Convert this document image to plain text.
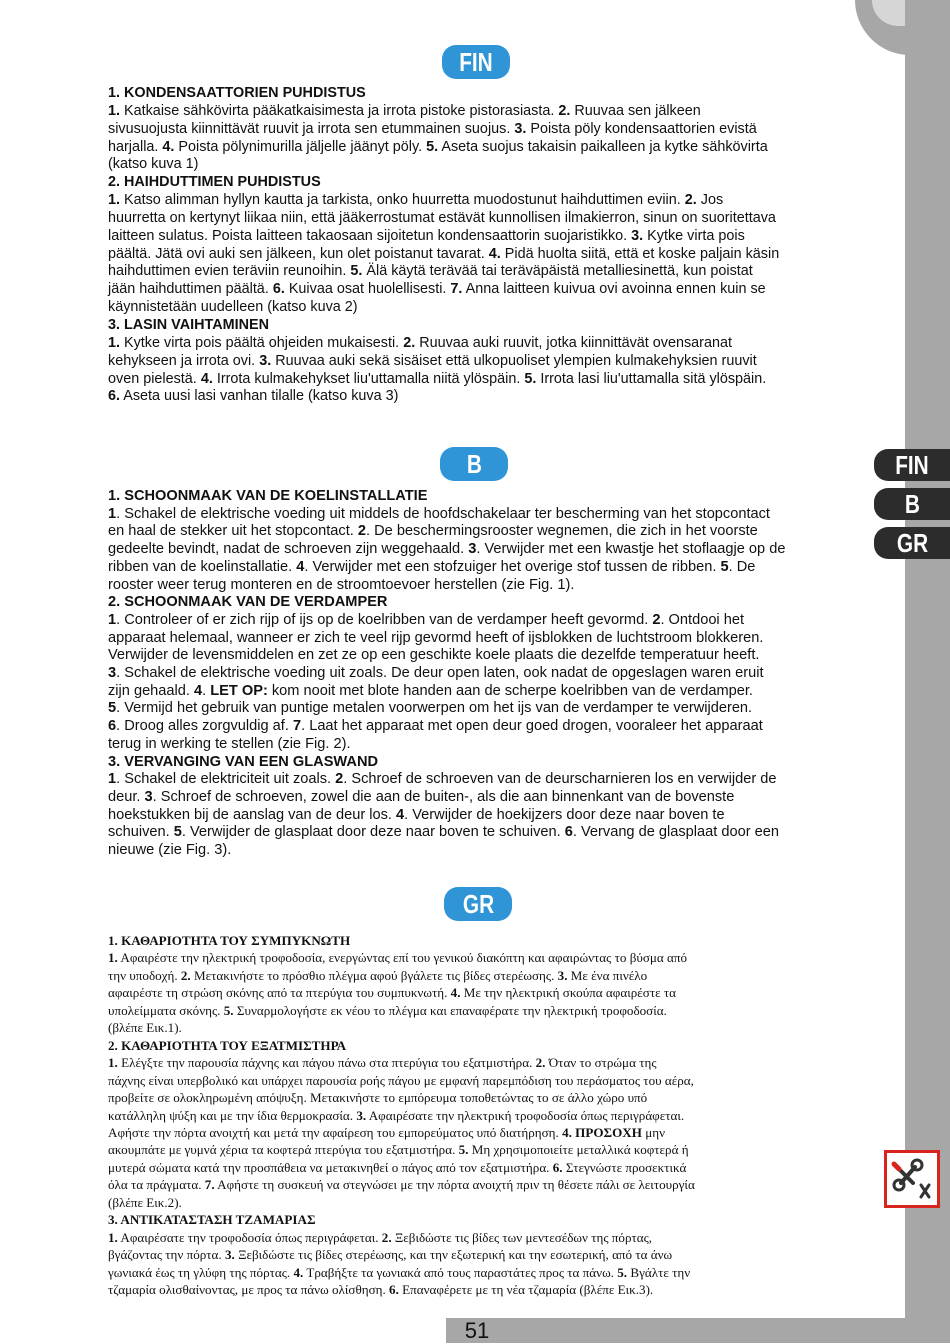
FIN
B
GR
FIN
B
GR

1. KONDENSAATTORIEN PUHDISTUS

1. Katkaise sähkövirta pääkatkaisimesta ja irrota pistoke pistorasiasta. 2. Ruuvaa sen jälkeen

sivusuojusta kiinnittävät ruuvit ja irrota sen etummainen suojus. 3. Poista pöly kondensaattorien evistä

harjalla. 4. Poista pölynimurilla jäljelle jäänyt pöly. 5. Aseta suojus takaisin paikalleen ja kytke sähkövirta

(katso kuva 1)

2. HAIHDUTTIMEN PUHDISTUS

1. Katso alimman hyllyn kautta ja tarkista, onko huurretta muodostunut haihduttimen eviin. 2. Jos

huurretta on kertynyt liikaa niin, että jääkerrostumat estävät kunnollisen ilmakierron, sinun on suoritettava

laitteen sulatus. Poista laitteen takaosaan sijoitetun kondensaattorin suojaristikko. 3. Kytke virta pois

päältä. Jätä ovi auki sen jälkeen, kun olet poistanut tavarat. 4. Pidä huolta siitä, että et koske paljain käsin

haihduttimen evien teräviin reunoihin. 5. Älä käytä terävää tai teräväpäistä metalliesinettä, kun poistat

jään haihduttimen päältä. 6. Kuivaa osat huolellisesti. 7. Anna laitteen kuivua ovi avoinna ennen kuin se

käynnistetään uudelleen (katso kuva 2)

3. LASIN VAIHTAMINEN

1. Kytke virta pois päältä ohjeiden mukaisesti. 2. Ruuvaa auki ruuvit, jotka kiinnittävät ovensaranat

kehykseen ja irrota ovi. 3. Ruuvaa auki sekä sisäiset että ulkopuoliset ylempien kulmakehyksien ruuvit

oven pielestä. 4. Irrota kulmakehykset liu'uttamalla niitä ylöspäin. 5. Irrota lasi liu'uttamalla sitä ylöspäin.

6. Aseta uusi lasi vanhan tilalle (katso kuva 3)

1. SCHOONMAAK VAN DE KOELINSTALLATIE

1. Schakel de elektrische voeding uit middels de hoofdschakelaar ter bescherming van het stopcontact

en haal de stekker uit het stopcontact. 2. De beschermingsrooster wegnemen, die zich in het voorste

gedeelte bevindt, nadat de schroeven zijn weggehaald. 3. Verwijder met een kwastje het stoflaagje op de

ribben van de koelinstallatie. 4. Verwijder met een stofzuiger het overige stof tussen de ribben. 5. De

rooster weer terug monteren en de stroomtoevoer herstellen (zie Fig. 1).

2. SCHOONMAAK VAN DE VERDAMPER

1. Controleer of er zich rijp of ijs op de koelribben van de verdamper heeft gevormd. 2. Ontdooi het

apparaat helemaal, wanneer er zich te veel rijp gevormd heeft of ijsblokken de luchtstroom blokkeren.

Verwijder de levensmiddelen en zet ze op een geschikte koele plaats die dezelfde temperatuur heeft.

3. Schakel de elektrische voeding uit zoals. De deur open laten, ook nadat de opgeslagen waren eruit

zijn gehaald. 4. LET OP: kom nooit met blote handen aan de scherpe koelribben van de verdamper.

5. Vermijd het gebruik van puntige metalen voorwerpen om het ijs van de verdamper te verwijderen.

6. Droog alles zorgvuldig af. 7. Laat het apparaat met open deur goed drogen, vooraleer het apparaat

terug in werking te stellen (zie Fig. 2).

3. VERVANGING VAN EEN GLASWAND

1. Schakel de elektriciteit uit zoals. 2. Schroef de schroeven van de deurscharnieren los en verwijder de

deur. 3. Schroef de schroeven, zowel die aan de buiten-, als die aan binnenkant van de bovenste

hoekstukken bij de aanslag van de deur los. 4. Verwijder de hoekijzers door deze naar boven te

schuiven. 5. Verwijder de glasplaat door deze naar boven te schuiven. 6. Vervang de glasplaat door een

nieuwe (zie Fig. 3).

1. ΚΑΘΑΡΙΟΤΗΤΑ ΤΟΥ ΣΥΜΠΥΚΝΩΤΗ

1. Αφαιρέστε την ηλεκτρική τροφοδοσία, ενεργώντας επί του γενικού διακόπτη και αφαιρώντας το βύσμα από

την υποδοχή. 2. Μετακινήστε το πρόσθιο πλέγμα αφού βγάλετε τις βίδες στερέωσης. 3. Με ένα πινέλο

αφαιρέστε τη στρώση σκόνης από τα πτερύγια του συμπυκνωτή. 4. Με την ηλεκτρική σκούπα αφαιρέστε τα

υπολείμματα σκόνης. 5. Συναρμολογήστε εκ νέου το πλέγμα και επαναφέρατε την ηλεκτρική τροφοδοσία.

(βλέπε Εικ.1).

2. ΚΑΘΑΡΙΟΤΗΤΑ ΤΟΥ ΕΞΑΤΜΙΣΤΗΡΑ

1. Ελέγξτε την παρουσία πάχνης και πάγου πάνω στα πτερύγια του εξατμιστήρα. 2. Όταν το στρώμα της

πάχνης είναι υπερβολικό και υπάρχει παρουσία ροής πάγου με εμφανή παρεμπόδιση του περάσματος του αέρα,

προβείτε σε ολοκληρωμένη απόψυξη. Μετακινήστε το εμπόρευμα τοποθετώντας το σε άλλο χώρο υπό

κατάλληλη ψύξη και με την ίδια θερμοκρασία. 3. Αφαιρέσατε την ηλεκτρική τροφοδοσία όπως περιγράφεται.

Αφήστε την πόρτα ανοιχτή και μετά την αφαίρεση του εμπορεύματος υπό διατήρηση. 4. ΠΡΟΣΟΧΗ μην

ακουμπάτε με γυμνά χέρια τα κοφτερά πτερύγια του εξατμιστήρα. 5. Μη χρησιμοποιείτε μεταλλικά κοφτερά ή

μυτερά σώματα κατά την προσπάθεια να μετακινηθεί ο πάγος από τον εξατμιστήρα. 6. Στεγνώστε προσεκτικά

όλα τα πράγματα. 7. Αφήστε τη συσκευή να στεγνώσει με την πόρτα ανοιχτή πριν τη θέσετε πάλι σε λειτουργία

(βλέπε Εικ.2).

3. ΑΝΤΙΚΑΤΑΣΤΑΣΗ ΤΖΑΜΑΡΙΑΣ

1. Αφαιρέσατε την τροφοδοσία όπως περιγράφεται. 2. Ξεβιδώστε τις βίδες των μεντεσέδων της πόρτας,

βγάζοντας την πόρτα. 3. Ξεβιδώστε τις βίδες στερέωσης, και την εξωτερική και την εσωτερική, από τα άνω

γωνιακά έως τη γλύφη της πόρτας. 4. Τραβήξτε τα γωνιακά από τους παραστάτες προς τα πάνω. 5. Βγάλτε την

τζαμαρία ολισθαίνοντας, με προς τα πάνω ολίσθηση. 6. Επαναφέρετε με τη νέα τζαμαρία (βλέπε Εικ.3).

51
